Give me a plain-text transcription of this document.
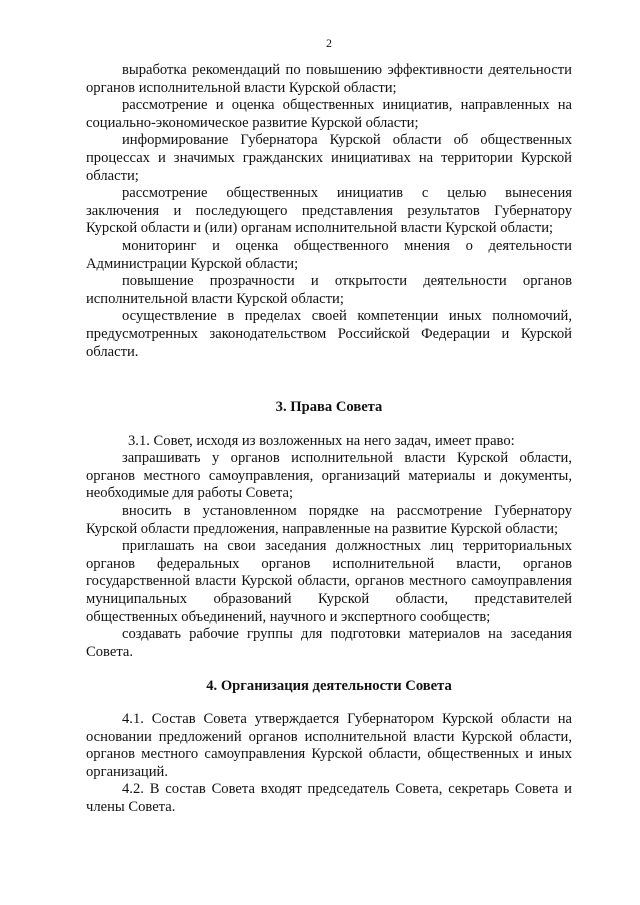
2

выработка рекомендаций по повышению эффективности деятельности органов исполнительной власти Курской области;

рассмотрение и оценка общественных инициатив, направленных на социально-экономическое развитие Курской области;

информирование Губернатора Курской области об общественных процессах и значимых гражданских инициативах на территории Курской области;

рассмотрение общественных инициатив с целью вынесения заключения и последующего представления результатов Губернатору Курской области и (или) органам исполнительной власти Курской области;

мониторинг и оценка общественного мнения о деятельности Администрации Курской области;

повышение прозрачности и открытости деятельности органов исполнительной власти Курской области;

осуществление в пределах своей компетенции иных полномочий, предусмотренных законодательством Российской Федерации и Курской области.

3. Права Совета

3.1. Совет, исходя из возложенных на него задач, имеет право:

запрашивать у органов исполнительной власти Курской области, органов местного самоуправления, организаций материалы и документы, необходимые для работы Совета;

вносить в установленном порядке на рассмотрение Губернатору Курской области предложения, направленные на развитие Курской области;

приглашать на свои заседания должностных лиц территориальных органов федеральных органов исполнительной власти, органов государственной власти Курской области, органов местного самоуправления муниципальных образований Курской области, представителей общественных объединений, научного и экспертного сообществ;

создавать рабочие группы для подготовки материалов на заседания Совета.

4. Организация деятельности Совета

4.1. Состав Совета утверждается Губернатором Курской области на основании предложений органов исполнительной власти Курской области, органов местного самоуправления Курской области, общественных и иных организаций.

4.2. В состав Совета входят председатель Совета, секретарь Совета и члены Совета.
